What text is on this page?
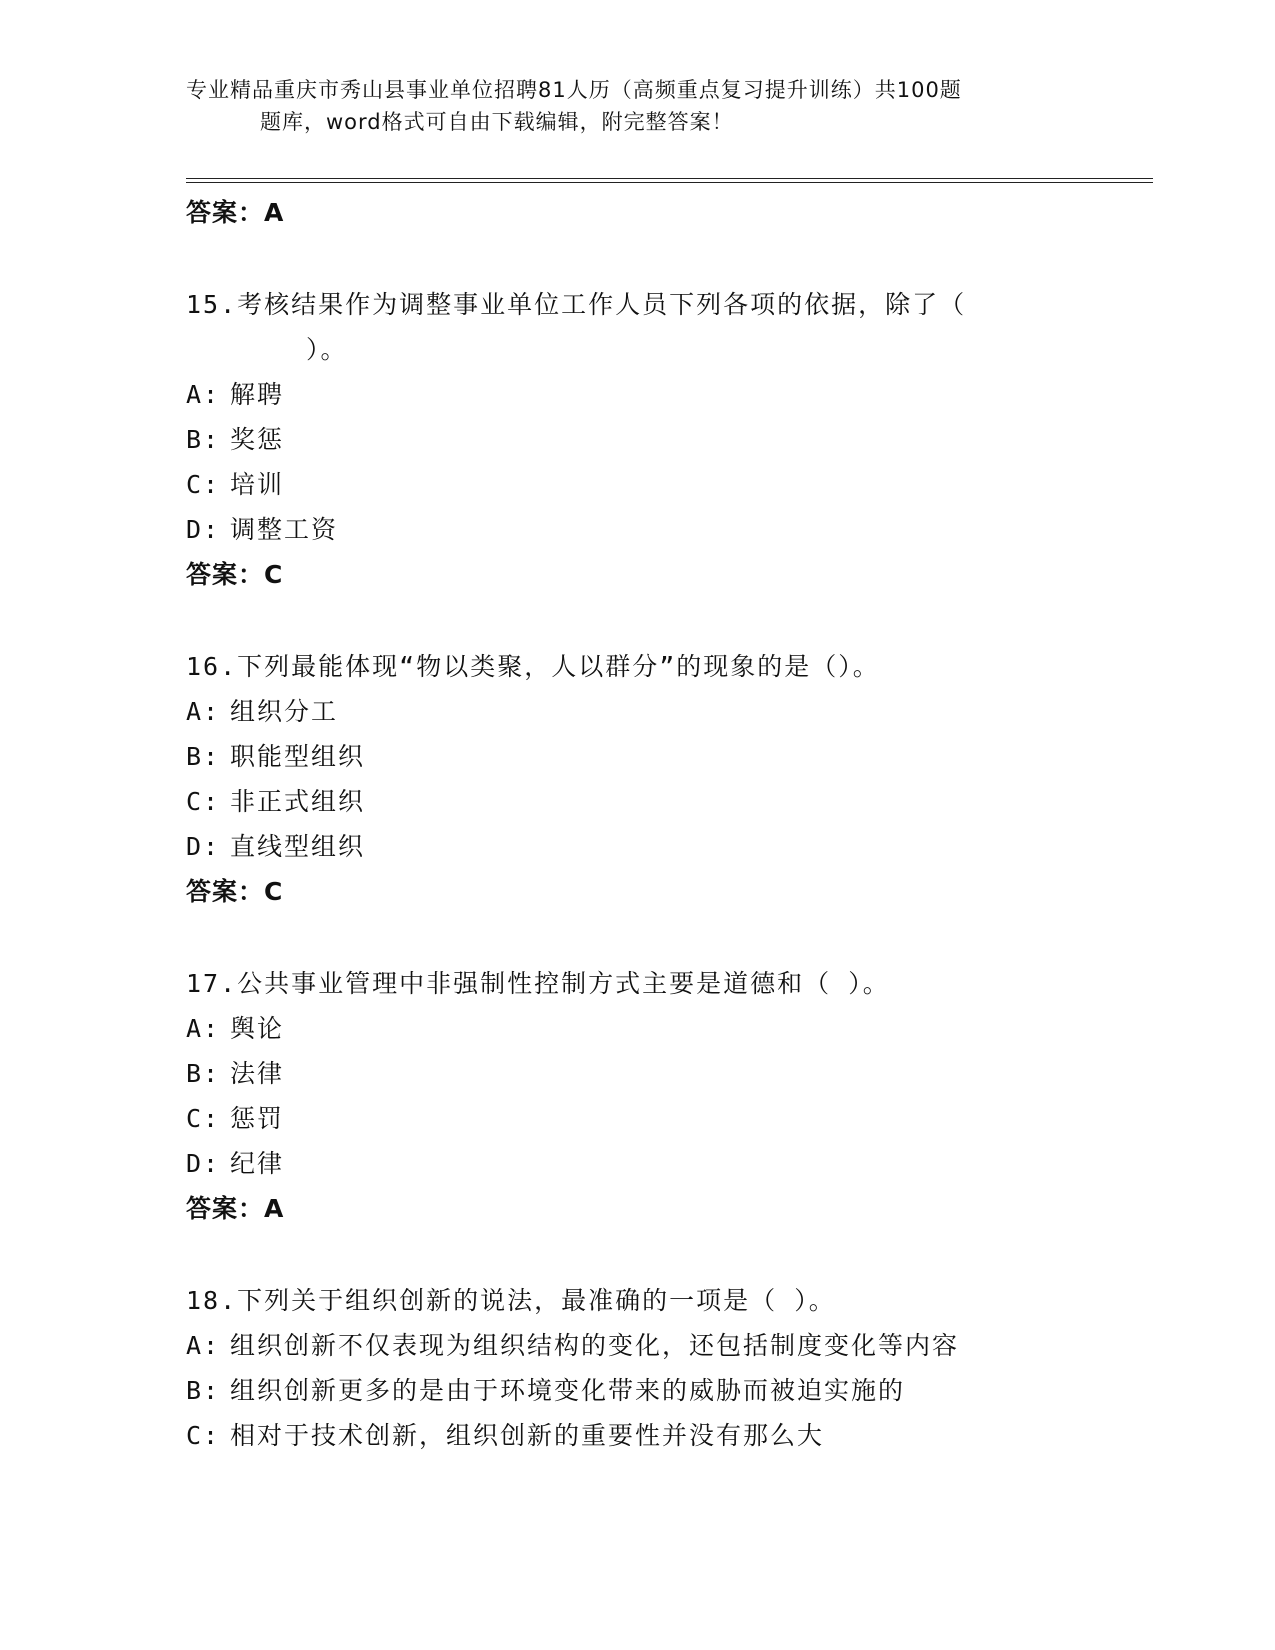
专业精品重庆市秀山县事业单位招聘81人历（高频重点复习提升训练）共100题
题库，word格式可自由下载编辑，附完整答案！
答案：A
15.考核结果作为调整事业单位工作人员下列各项的依据，除了（
）。
A: 解聘
B: 奖惩
C: 培训
D: 调整工资
答案：C
16.下列最能体现“物以类聚，人以群分”的现象的是（）。
A: 组织分工
B: 职能型组织
C: 非正式组织
D: 直线型组织
答案：C
17.公共事业管理中非强制性控制方式主要是道德和（ ）。
A: 舆论
B: 法律
C: 惩罚
D: 纪律
答案：A
18.下列关于组织创新的说法，最准确的一项是（ ）。
A: 组织创新不仅表现为组织结构的变化，还包括制度变化等内容
B: 组织创新更多的是由于环境变化带来的威胁而被迫实施的
C: 相对于技术创新，组织创新的重要性并没有那么大
